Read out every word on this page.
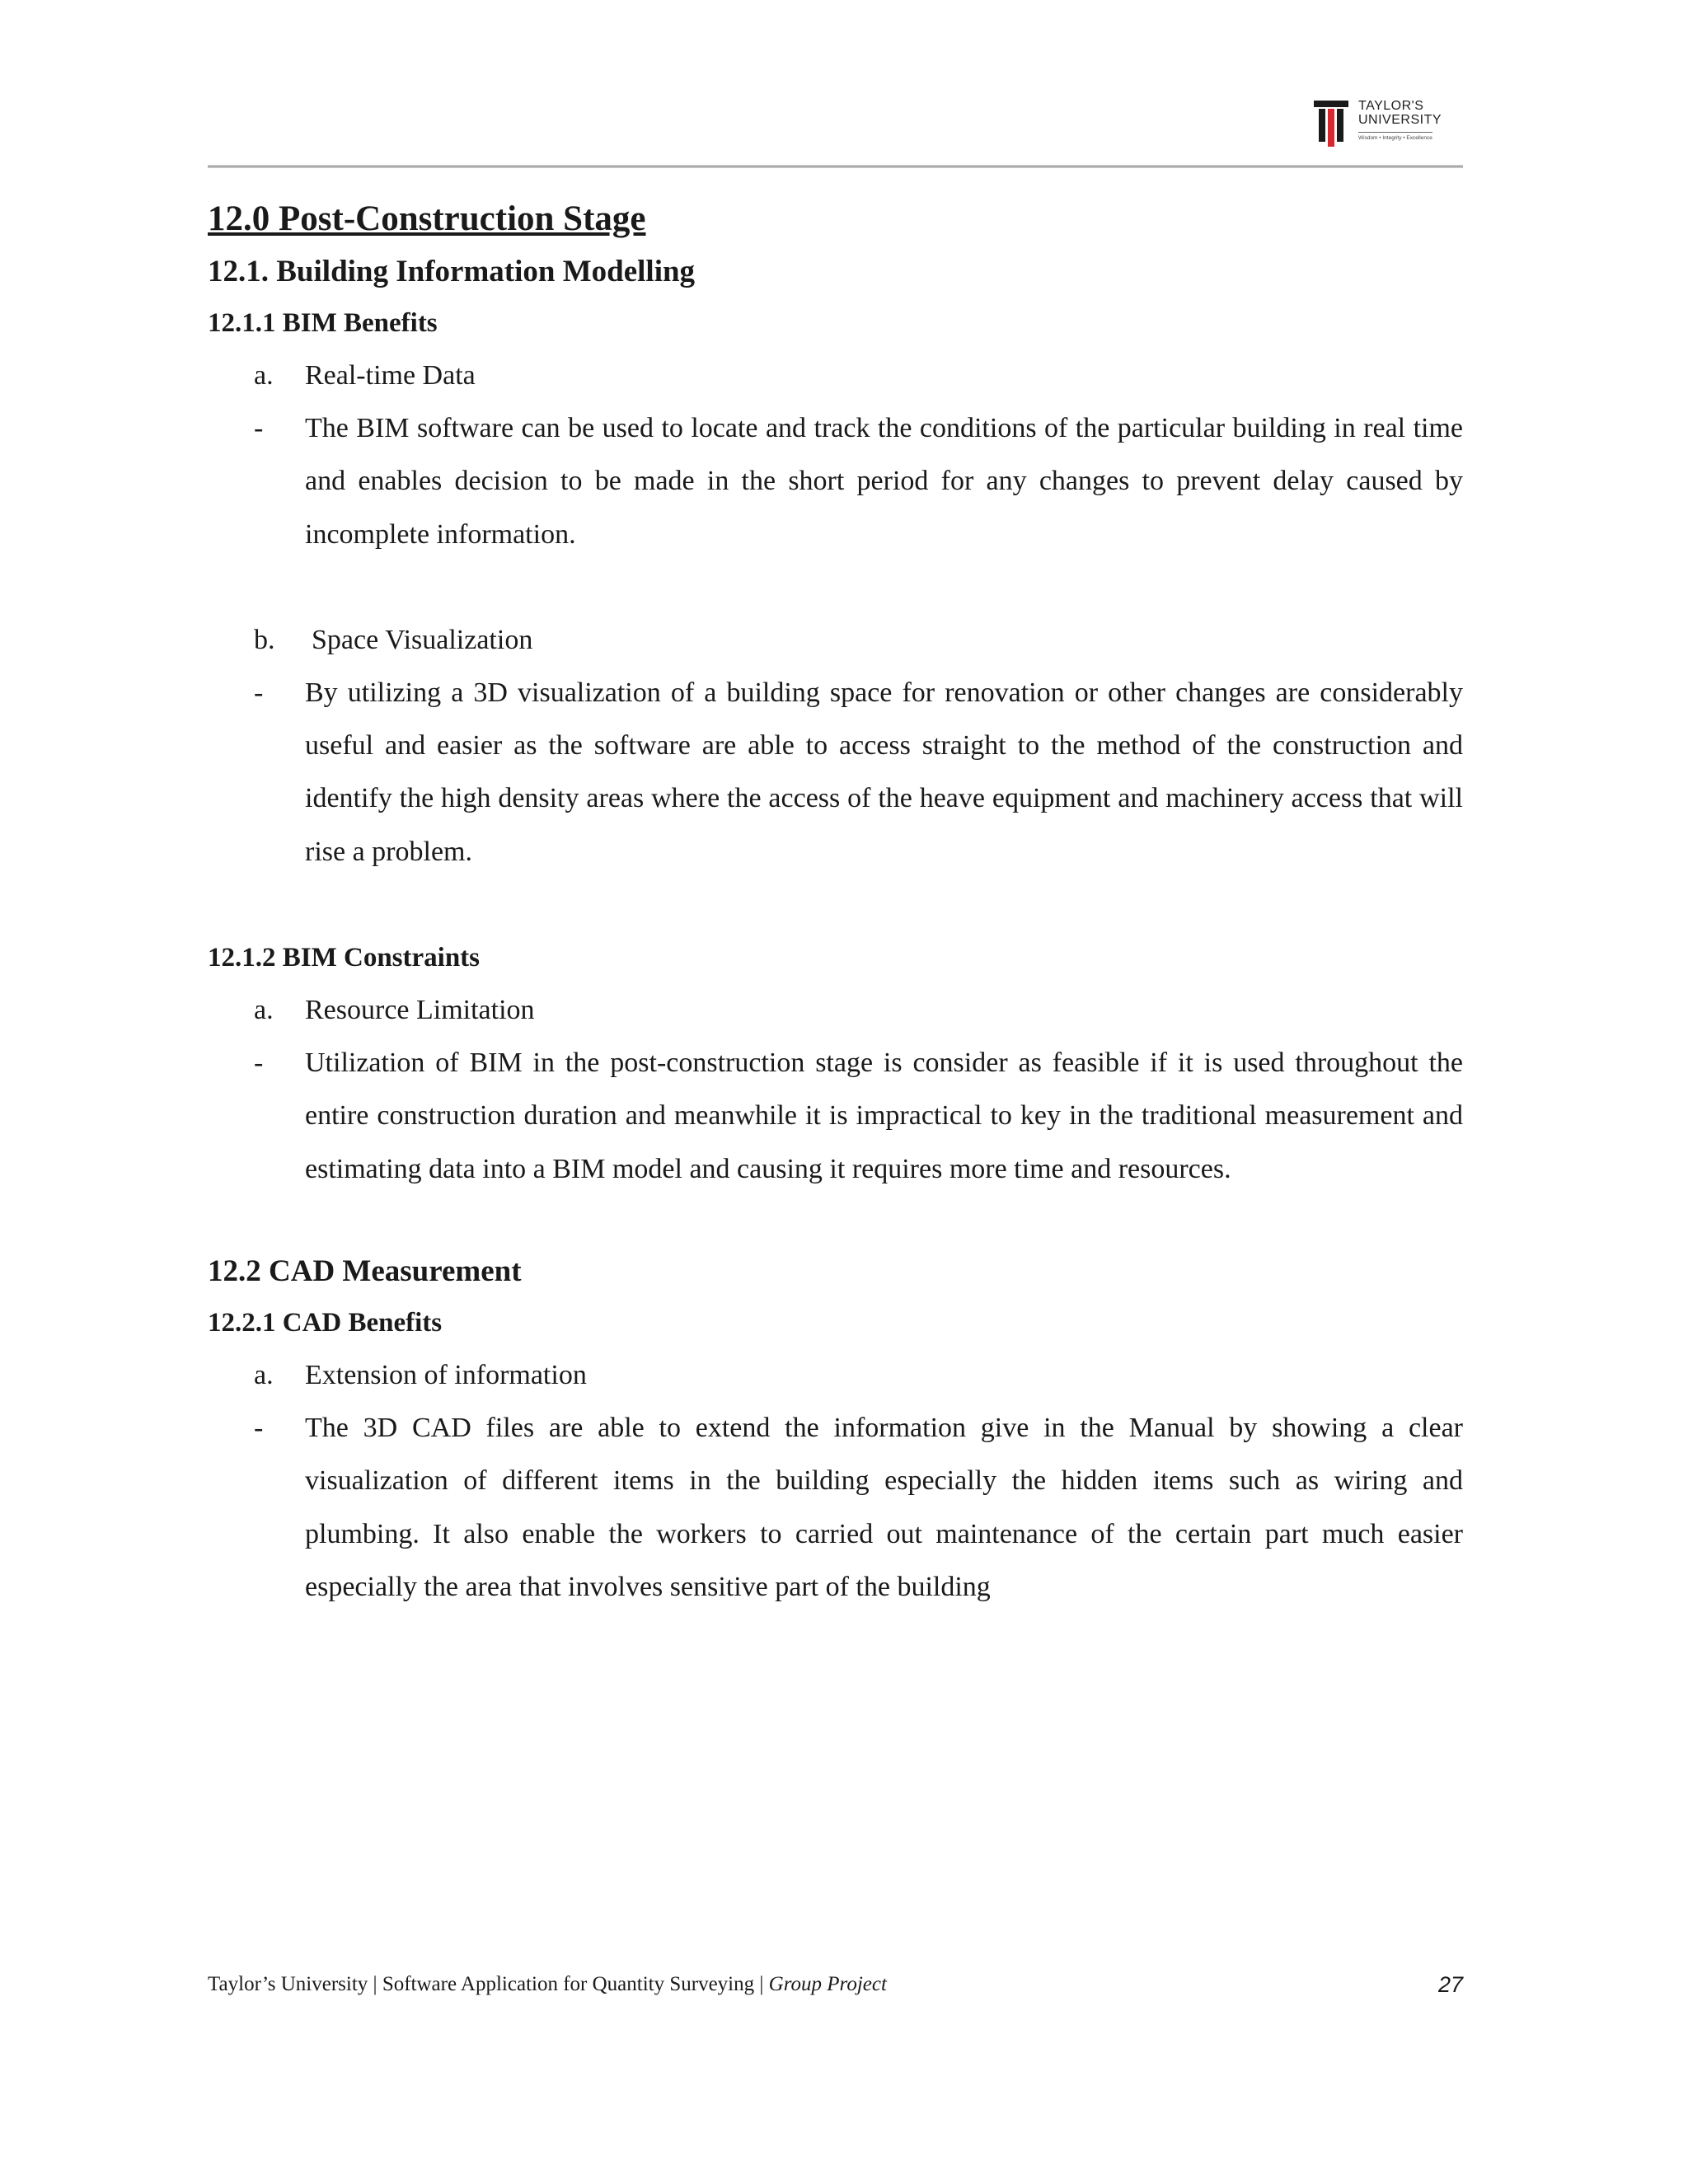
TAYLOR'S
UNIVERSITY
Wisdom • Integrity • Excellence
12.0 Post-Construction Stage
12.1. Building Information Modelling
12.1.1 BIM Benefits
a. Real-time Data
- The BIM software can be used to locate and track the conditions of the particular building in real time and enables decision to be made in the short period for any changes to prevent delay caused by incomplete information.
b. Space Visualization
- By utilizing a 3D visualization of a building space for renovation or other changes are considerably useful and easier as the software are able to access straight to the method of the construction and identify the high density areas where the access of the heave equipment and machinery access that will rise a problem.
12.1.2 BIM Constraints
a. Resource Limitation
- Utilization of BIM in the post-construction stage is consider as feasible if it is used throughout the entire construction duration and meanwhile it is impractical to key in the traditional measurement and estimating data into a BIM model and causing it requires more time and resources.
12.2 CAD Measurement
12.2.1 CAD Benefits
a. Extension of information
- The 3D CAD files are able to extend the information give in the Manual by showing a clear visualization of different items in the building especially the hidden items such as wiring and plumbing. It also enable the workers to carried out maintenance of the certain part much easier especially the area that involves sensitive part of the building
Taylor’s University | Software Application for Quantity Surveying | Group Project	27
